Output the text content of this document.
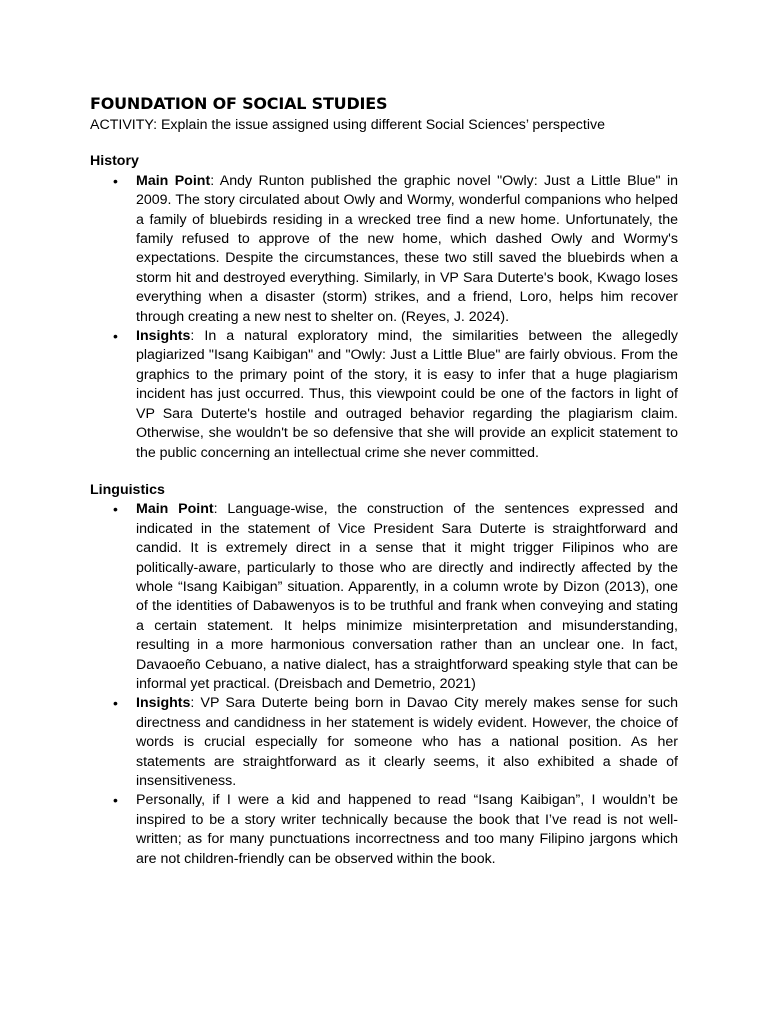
FOUNDATION OF SOCIAL STUDIES

ACTIVITY: Explain the issue assigned using different Social Sciences’ perspective

History
• Main Point: Andy Runton published the graphic novel "Owly: Just a Little Blue" in 2009. The story circulated about Owly and Wormy, wonderful companions who helped a family of bluebirds residing in a wrecked tree find a new home. Unfortunately, the family refused to approve of the new home, which dashed Owly and Wormy's expectations. Despite the circumstances, these two still saved the bluebirds when a storm hit and destroyed everything. Similarly, in VP Sara Duterte's book, Kwago loses everything when a disaster (storm) strikes, and a friend, Loro, helps him recover through creating a new nest to shelter on. (Reyes, J. 2024).
• Insights: In a natural exploratory mind, the similarities between the allegedly plagiarized "Isang Kaibigan" and "Owly: Just a Little Blue" are fairly obvious. From the graphics to the primary point of the story, it is easy to infer that a huge plagiarism incident has just occurred. Thus, this viewpoint could be one of the factors in light of VP Sara Duterte's hostile and outraged behavior regarding the plagiarism claim. Otherwise, she wouldn't be so defensive that she will provide an explicit statement to the public concerning an intellectual crime she never committed.
Linguistics
• Main Point: Language-wise, the construction of the sentences expressed and indicated in the statement of Vice President Sara Duterte is straightforward and candid. It is extremely direct in a sense that it might trigger Filipinos who are politically-aware, particularly to those who are directly and indirectly affected by the whole “Isang Kaibigan” situation. Apparently, in a column wrote by Dizon (2013), one of the identities of Dabawenyos is to be truthful and frank when conveying and stating a certain statement. It helps minimize misinterpretation and misunderstanding, resulting in a more harmonious conversation rather than an unclear one. In fact, Davaoeño Cebuano, a native dialect, has a straightforward speaking style that can be informal yet practical. (Dreisbach and Demetrio, 2021)
• Insights: VP Sara Duterte being born in Davao City merely makes sense for such directness and candidness in her statement is widely evident. However, the choice of words is crucial especially for someone who has a national position. As her statements are straightforward as it clearly seems, it also exhibited a shade of insensitiveness.
• Personally, if I were a kid and happened to read “Isang Kaibigan”, I wouldn’t be inspired to be a story writer technically because the book that I’ve read is not well-written; as for many punctuations incorrectness and too many Filipino jargons which are not children-friendly can be observed within the book.
